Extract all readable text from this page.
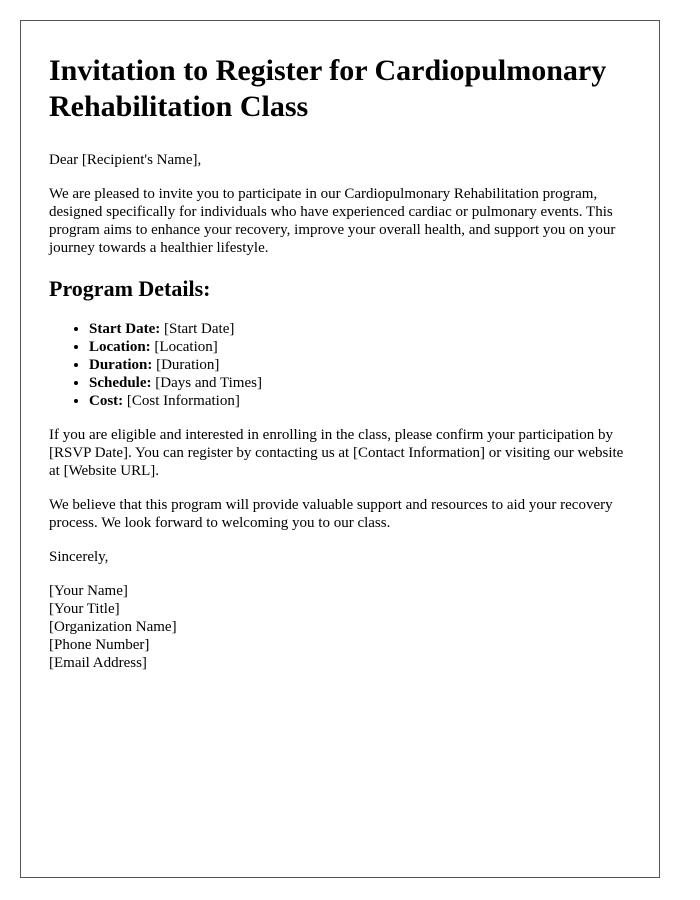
Invitation to Register for Cardiopulmonary Rehabilitation Class

Dear [Recipient's Name],

We are pleased to invite you to participate in our Cardiopulmonary Rehabilitation program, designed specifically for individuals who have experienced cardiac or pulmonary events. This program aims to enhance your recovery, improve your overall health, and support you on your journey towards a healthier lifestyle.

Program Details:
• Start Date: [Start Date]
• Location: [Location]
• Duration: [Duration]
• Schedule: [Days and Times]
• Cost: [Cost Information]

If you are eligible and interested in enrolling in the class, please confirm your participation by [RSVP Date]. You can register by contacting us at [Contact Information] or visiting our website at [Website URL].

We believe that this program will provide valuable support and resources to aid your recovery process. We look forward to welcoming you to our class.

Sincerely,

[Your Name]
[Your Title]
[Organization Name]
[Phone Number]
[Email Address]
